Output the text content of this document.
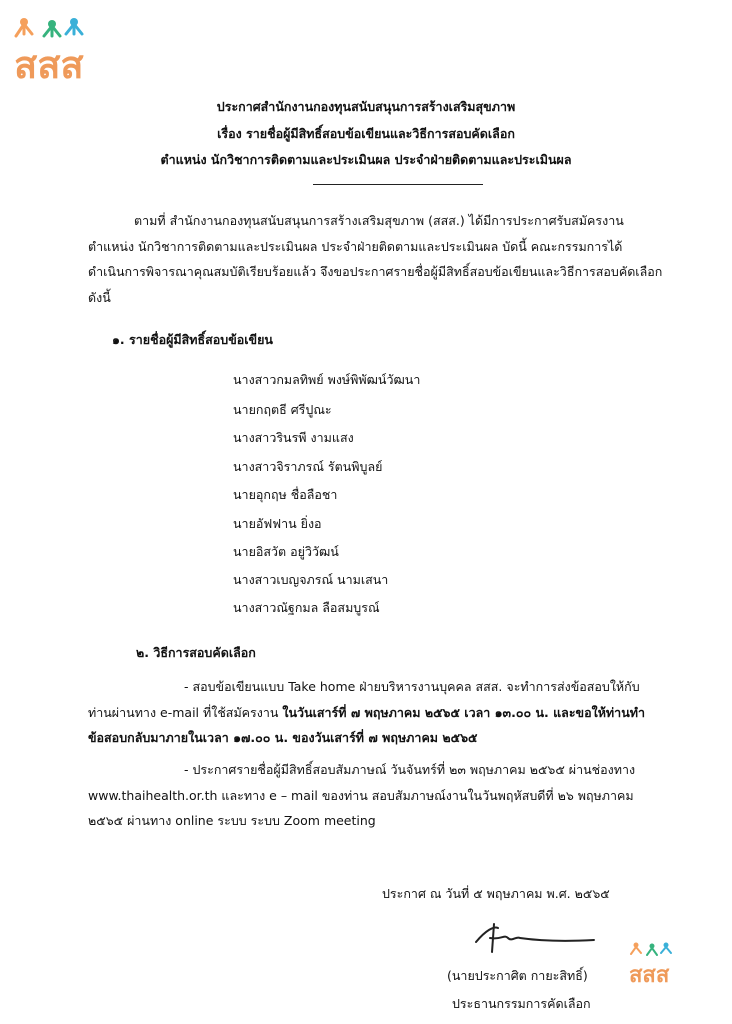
สสส
ประกาศสำนักงานกองทุนสนับสนุนการสร้างเสริมสุขภาพ
เรื่อง รายชื่อผู้มีสิทธิ์สอบข้อเขียนและวิธีการสอบคัดเลือก
ตำแหน่ง นักวิชาการติดตามและประเมินผล ประจำฝ่ายติดตามและประเมินผล
ตามที่ สำนักงานกองทุนสนับสนุนการสร้างเสริมสุขภาพ (สสส.) ได้มีการประกาศรับสมัครงาน
ตำแหน่ง นักวิชาการติดตามและประเมินผล ประจำฝ่ายติดตามและประเมินผล บัดนี้ คณะกรรมการได้
ดำเนินการพิจารณาคุณสมบัติเรียบร้อยแล้ว จึงขอประกาศรายชื่อผู้มีสิทธิ์สอบข้อเขียนและวิธีการสอบคัดเลือก
ดังนี้
๑. รายชื่อผู้มีสิทธิ์สอบข้อเขียน
นางสาวกมลทิพย์ พงษ์พิพัฒน์วัฒนา
นายกฤตธี ศรีปูณะ
นางสาวรินรพี งามแสง
นางสาวจิราภรณ์ รัตนพิบูลย์
นายอุกฤษ ชื่อลือชา
นายอัฟฟาน ยิ่งอ
นายอิสวัต อยู่วิวัฒน์
นางสาวเบญจภรณ์ นามเสนา
นางสาวณัฐกมล ลือสมบูรณ์
๒. วิธีการสอบคัดเลือก
- สอบข้อเขียนแบบ Take home ฝ่ายบริหารงานบุคคล สสส. จะทำการส่งข้อสอบให้กับ
ท่านผ่านทาง e-mail ที่ใช้สมัครงาน ในวันเสาร์ที่ ๗ พฤษภาคม ๒๕๖๕ เวลา ๑๓.๐๐ น. และขอให้ท่านทำ
ข้อสอบกลับมาภายในเวลา ๑๗.๐๐ น. ของวันเสาร์ที่ ๗ พฤษภาคม ๒๕๖๕
- ประกาศรายชื่อผู้มีสิทธิ์สอบสัมภาษณ์ วันจันทร์ที่ ๒๓ พฤษภาคม ๒๕๖๕ ผ่านช่องทาง
www.thaihealth.or.th และทาง e – mail ของท่าน สอบสัมภาษณ์งานในวันพฤหัสบดีที่ ๒๖ พฤษภาคม
๒๕๖๕ ผ่านทาง online ระบบ ระบบ Zoom meeting
ประกาศ ณ วันที่ ๕ พฤษภาคม พ.ศ. ๒๕๖๕
(นายประกาศิต กายะสิทธิ์)
ประธานกรรมการคัดเลือก
สสส
